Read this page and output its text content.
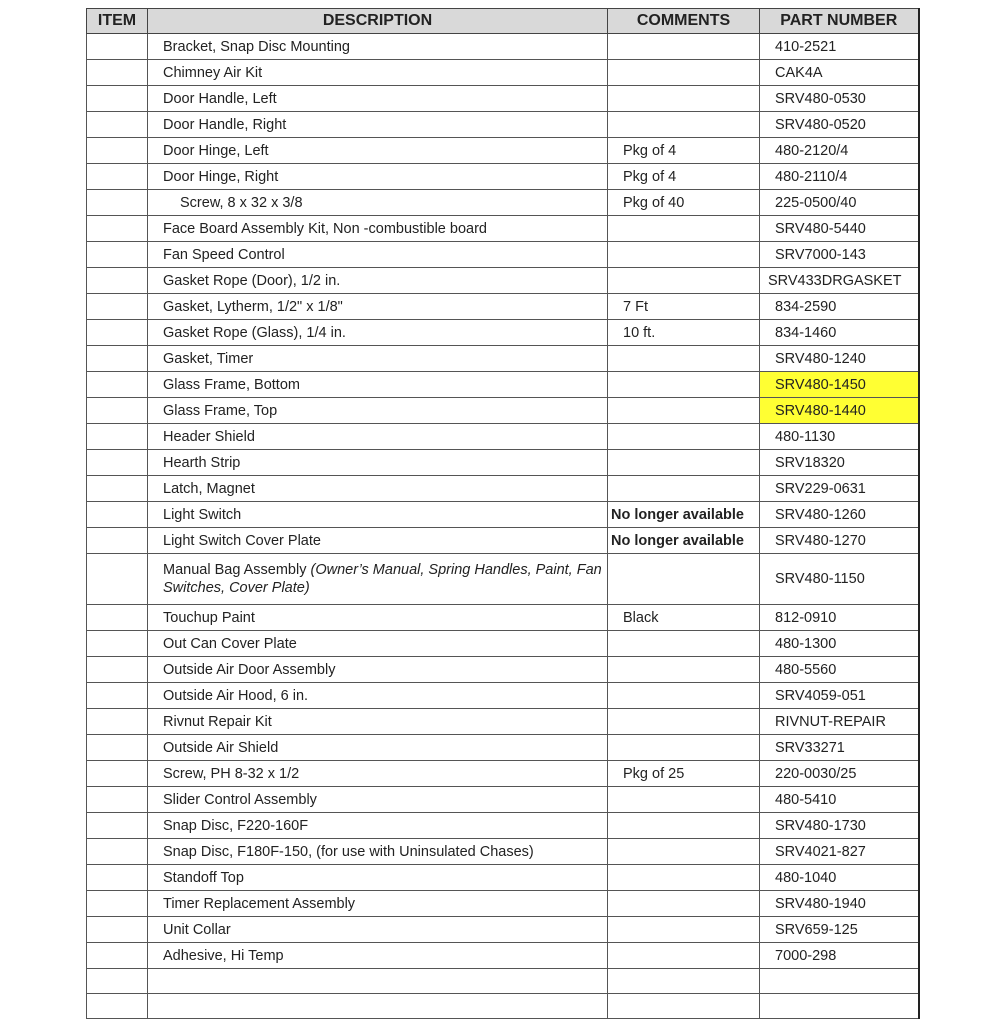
ITEM	DESCRIPTION	COMMENTS	PART NUMBER
	Bracket, Snap Disc Mounting		410-2521
	Chimney Air Kit		CAK4A
	Door Handle, Left		SRV480-0530
	Door Handle, Right		SRV480-0520
	Door Hinge, Left	Pkg of 4	480-2120/4
	Door Hinge, Right	Pkg of 4	480-2110/4
	Screw, 8 x 32 x 3/8	Pkg of 40	225-0500/40
	Face Board Assembly Kit, Non -combustible board		SRV480-5440
	Fan Speed Control		SRV7000-143
	Gasket Rope (Door), 1/2 in.		SRV433DRGASKET
	Gasket, Lytherm, 1/2" x 1/8"	7 Ft	834-2590
	Gasket Rope (Glass), 1/4 in.	10 ft.	834-1460
	Gasket, Timer		SRV480-1240
	Glass Frame, Bottom		SRV480-1450
	Glass Frame, Top		SRV480-1440
	Header Shield		480-1130
	Hearth Strip		SRV18320
	Latch, Magnet		SRV229-0631
	Light Switch	No longer available	SRV480-1260
	Light Switch Cover Plate	No longer available	SRV480-1270
	Manual Bag Assembly (Owner’s Manual, Spring Handles, Paint, Fan Switches, Cover Plate)		SRV480-1150
	Touchup Paint	Black	812-0910
	Out Can Cover Plate		480-1300
	Outside Air Door Assembly		480-5560
	Outside Air Hood, 6 in.		SRV4059-051
	Rivnut Repair Kit		RIVNUT-REPAIR
	Outside Air Shield		SRV33271
	Screw, PH 8-32 x 1/2	Pkg of 25	220-0030/25
	Slider Control Assembly		480-5410
	Snap Disc, F220-160F		SRV480-1730
	Snap Disc, F180F-150, (for use with Uninsulated Chases)		SRV4021-827
	Standoff Top		480-1040
	Timer Replacement Assembly		SRV480-1940
	Unit Collar		SRV659-125
	Adhesive, Hi Temp		7000-298
